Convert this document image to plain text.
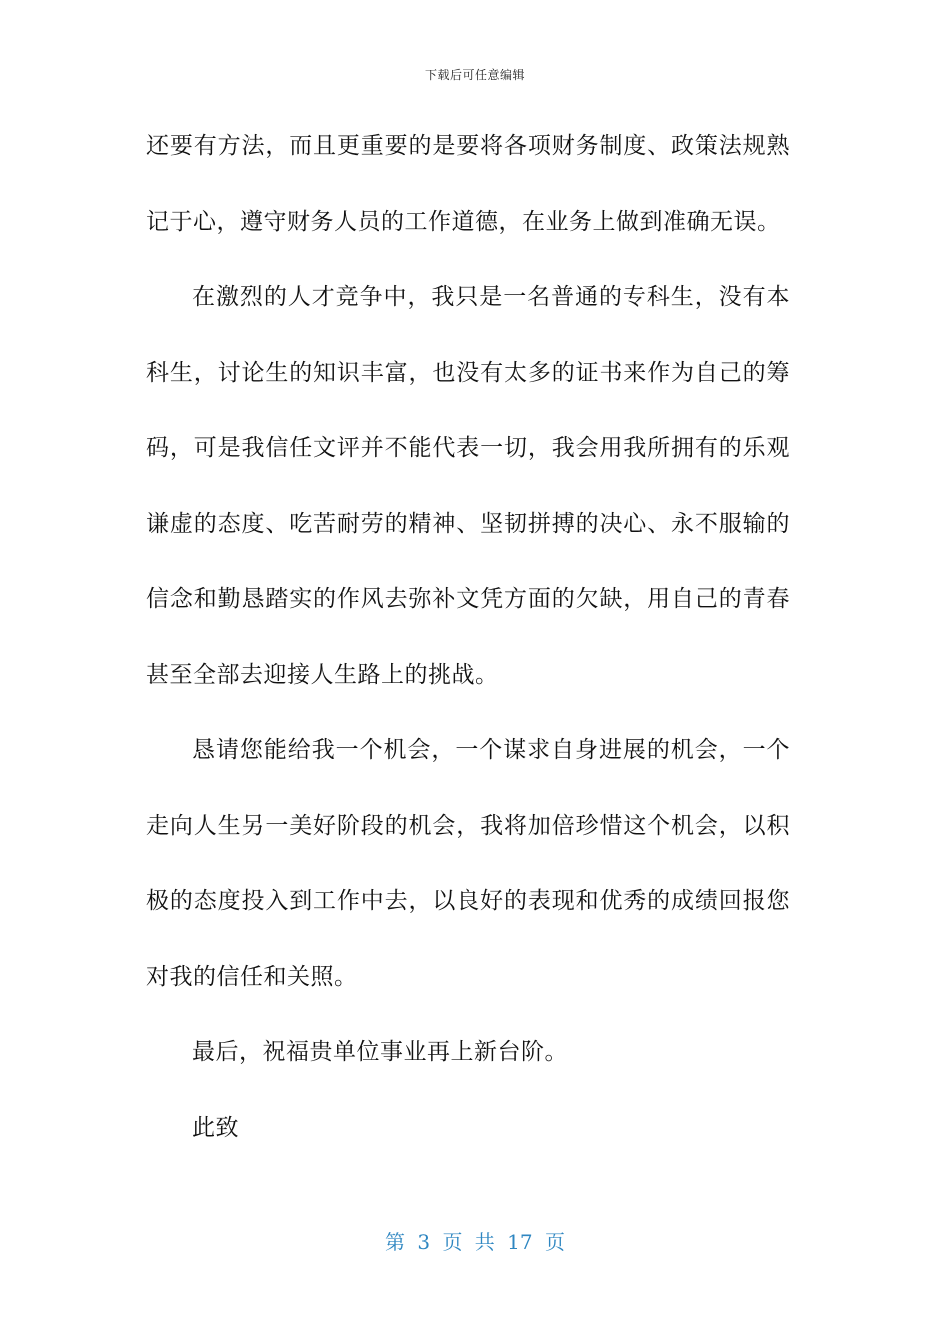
下载后可任意编辑
还要有方法，而且更重要的是要将各项财务制度、政策法规熟
记于心，遵守财务人员的工作道德，在业务上做到准确无误。
在激烈的人才竞争中，我只是一名普通的专科生，没有本
科生，讨论生的知识丰富，也没有太多的证书来作为自己的筹
码，可是我信任文评并不能代表一切，我会用我所拥有的乐观
谦虚的态度、吃苦耐劳的精神、坚韧拼搏的决心、永不服输的
信念和勤恳踏实的作风去弥补文凭方面的欠缺，用自己的青春
甚至全部去迎接人生路上的挑战。
恳请您能给我一个机会，一个谋求自身进展的机会，一个
走向人生另一美好阶段的机会，我将加倍珍惜这个机会，以积
极的态度投入到工作中去，以良好的表现和优秀的成绩回报您
对我的信任和关照。
最后，祝福贵单位事业再上新台阶。
此致
第 3 页 共 17 页
